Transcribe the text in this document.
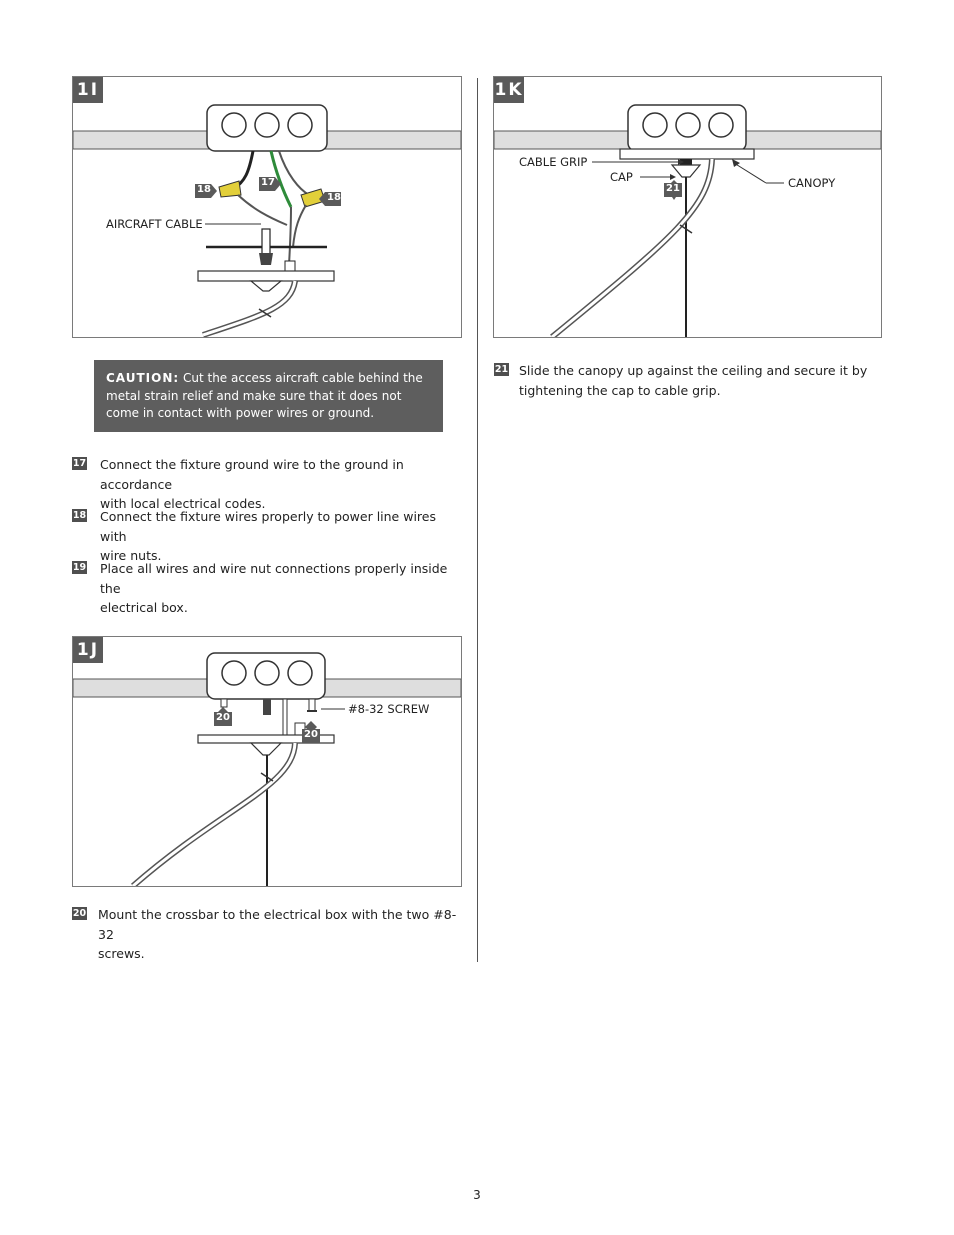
1I
AIRCRAFT CABLE
18
17
18
1K
CABLE GRIP
CAP	CANOPY
21
CAUTION: Cut the access aircraft cable behind the metal strain relief and make sure that it does not come in contact with power wires or ground.
17 Connect the fixture ground wire to the ground in accordance
with local electrical codes.
18 Connect the fixture wires properly to power line wires with
wire nuts.
19 Place all wires and wire nut connections properly inside the
electrical box.
1J
#8-32 SCREW
20
20
20 Mount the crossbar to the electrical box with the two #8-32
screws.
21 Slide the canopy up against the ceiling and secure it by
tightening the cap to cable grip.
3
